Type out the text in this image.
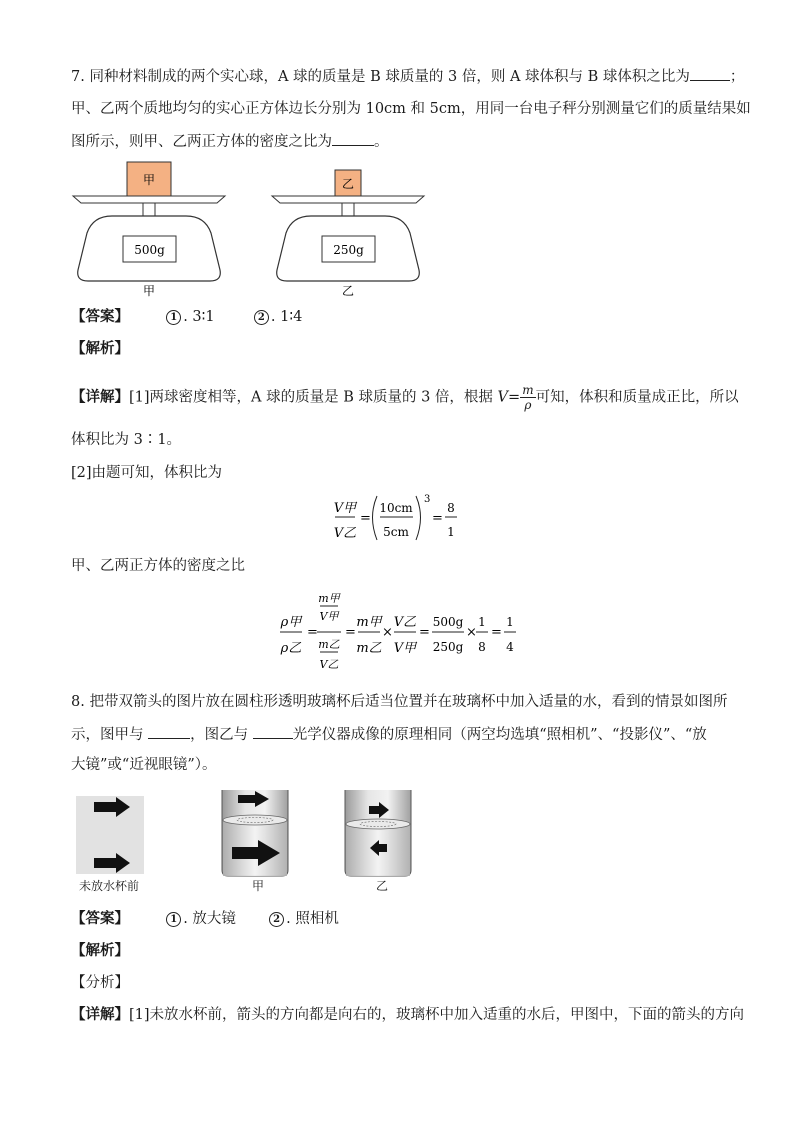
7. 同种材料制成的两个实心球，A 球的质量是 B 球质量的 3 倍，则 A 球体积与 B 球体积之比为	；
甲、乙两个质地均匀的实心正方体边长分别为 10cm 和 5cm，用同一台电子秤分别测量它们的质量结果如
图所示，则甲、乙两正方体的密度之比为	。
甲
500g
甲
乙
250g
乙
【答案】	1 . 3∶1	2 . 1∶4
【解析】
【详解】[1]两球密度相等，A 球的质量是 B 球质量的 3 倍，根据 $V= \frac{m}{\rho}$ 可知，体积和质量成正比，所以
体积比为 3∶1。
[2]由题可知，体积比为
V甲
V乙
=
10cm
5cm
3
=
8
1
甲、乙两正方体的密度之比
ρ甲
ρ乙
=
m甲
V甲
m乙
V乙
=
m甲
m乙
×
V乙
V甲
=
500g
250g
×
1
8
=
1
4
8. 把带双箭头的图片放在圆柱形透明玻璃杯后适当位置并在玻璃杯中加入适量的水，看到的情景如图所
示，图甲与	，图乙与	光学仪器成像的原理相同（两空均选填“照相机”、“投影仪”、“放
大镜”或“近视眼镜”）。
未放水杯前	甲	乙
【答案】	1 . 放大镜	2 . 照相机
【解析】
【分析】
【详解】[1]未放水杯前，箭头的方向都是向右的，玻璃杯中加入适重的水后，甲图中，下面的箭头的方向
